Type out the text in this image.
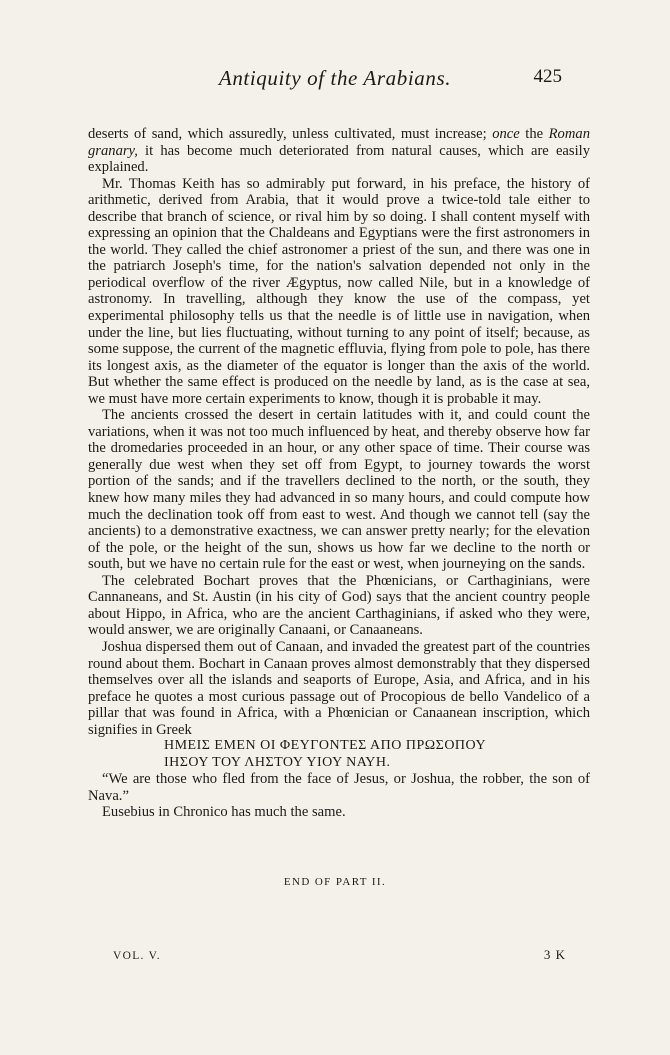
Antiquity of the Arabians.	425

deserts of sand, which assuredly, unless cultivated, must increase; once the Roman granary, it has become much deteriorated from natural causes, which are easily explained.

Mr. Thomas Keith has so admirably put forward, in his preface, the history of arithmetic, derived from Arabia, that it would prove a twice-told tale either to describe that branch of science, or rival him by so doing. I shall content myself with expressing an opinion that the Chaldeans and Egyptians were the first astronomers in the world. They called the chief astronomer a priest of the sun, and there was one in the patriarch Joseph's time, for the nation's salvation depended not only in the periodical overflow of the river Ægyptus, now called Nile, but in a knowledge of astronomy. In travelling, although they know the use of the compass, yet experimental philosophy tells us that the needle is of little use in navigation, when under the line, but lies fluctuating, without turning to any point of itself; because, as some suppose, the current of the magnetic effluvia, flying from pole to pole, has there its longest axis, as the diameter of the equator is longer than the axis of the world. But whether the same effect is produced on the needle by land, as is the case at sea, we must have more certain experiments to know, though it is probable it may.

The ancients crossed the desert in certain latitudes with it, and could count the variations, when it was not too much influenced by heat, and thereby observe how far the dromedaries proceeded in an hour, or any other space of time. Their course was generally due west when they set off from Egypt, to journey towards the worst portion of the sands; and if the travellers declined to the north, or the south, they knew how many miles they had advanced in so many hours, and could compute how much the declination took off from east to west. And though we cannot tell (say the ancients) to a demonstrative exactness, we can answer pretty nearly; for the elevation of the pole, or the height of the sun, shows us how far we decline to the north or south, but we have no certain rule for the east or west, when journeying on the sands.

The celebrated Bochart proves that the Phœnicians, or Carthaginians, were Cannaneans, and St. Austin (in his city of God) says that the ancient country people about Hippo, in Africa, who are the ancient Carthaginians, if asked who they were, would answer, we are originally Canaani, or Canaaneans.

Joshua dispersed them out of Canaan, and invaded the greatest part of the countries round about them. Bochart in Canaan proves almost demonstrably that they dispersed themselves over all the islands and seaports of Europe, Asia, and Africa, and in his preface he quotes a most curious passage out of Procopious de bello Vandelico of a pillar that was found in Africa, with a Phœnician or Canaanean inscription, which signifies in Greek

ΗΜΕΙΣ ΕΜΕΝ ΟΙ ΦΕΥΓΟΝΤΕΣ ΑΠΟ ΠΡΩΣΟΠΟΥ

ΙΗΣΟΥ ΤΟΥ ΛΗΣΤΟΥ ΥΙΟΥ ΝΑΥΗ.

“We are those who fled from the face of Jesus, or Joshua, the robber, the son of Nava.”

Eusebius in Chronico has much the same.

END OF PART II.
VOL. V.	3 K
